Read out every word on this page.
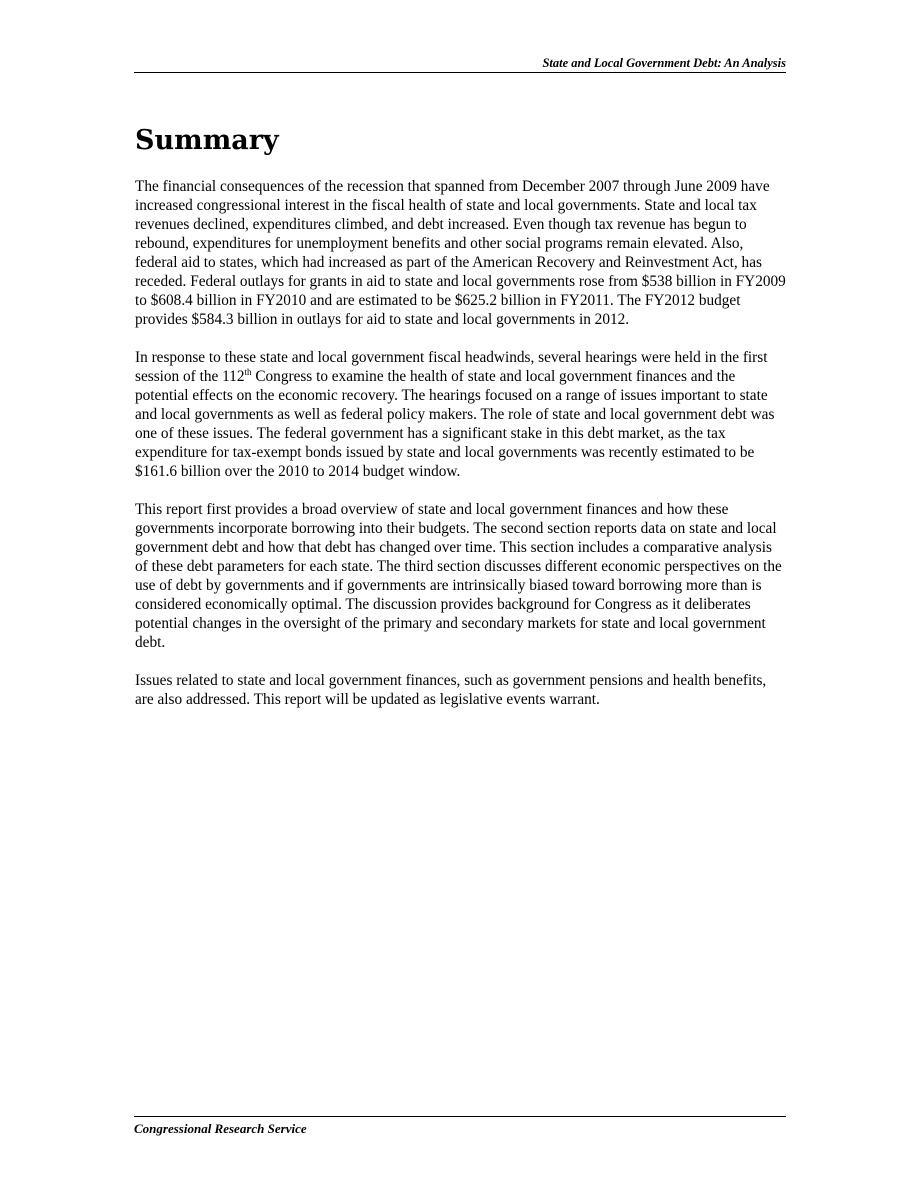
State and Local Government Debt: An Analysis
Summary

The financial consequences of the recession that spanned from December 2007 through June 2009 have increased congressional interest in the fiscal health of state and local governments. State and local tax revenues declined, expenditures climbed, and debt increased. Even though tax revenue has begun to rebound, expenditures for unemployment benefits and other social programs remain elevated. Also, federal aid to states, which had increased as part of the American Recovery and Reinvestment Act, has receded. Federal outlays for grants in aid to state and local governments rose from $538 billion in FY2009 to $608.4 billion in FY2010 and are estimated to be $625.2 billion in FY2011. The FY2012 budget provides $584.3 billion in outlays for aid to state and local governments in 2012.

In response to these state and local government fiscal headwinds, several hearings were held in the first session of the 112th Congress to examine the health of state and local government finances and the potential effects on the economic recovery. The hearings focused on a range of issues important to state and local governments as well as federal policy makers. The role of state and local government debt was one of these issues. The federal government has a significant stake in this debt market, as the tax expenditure for tax-exempt bonds issued by state and local governments was recently estimated to be $161.6 billion over the 2010 to 2014 budget window.

This report first provides a broad overview of state and local government finances and how these governments incorporate borrowing into their budgets. The second section reports data on state and local government debt and how that debt has changed over time. This section includes a comparative analysis of these debt parameters for each state. The third section discusses different economic perspectives on the use of debt by governments and if governments are intrinsically biased toward borrowing more than is considered economically optimal. The discussion provides background for Congress as it deliberates potential changes in the oversight of the primary and secondary markets for state and local government debt.

Issues related to state and local government finances, such as government pensions and health benefits, are also addressed. This report will be updated as legislative events warrant.

Congressional Research Service
